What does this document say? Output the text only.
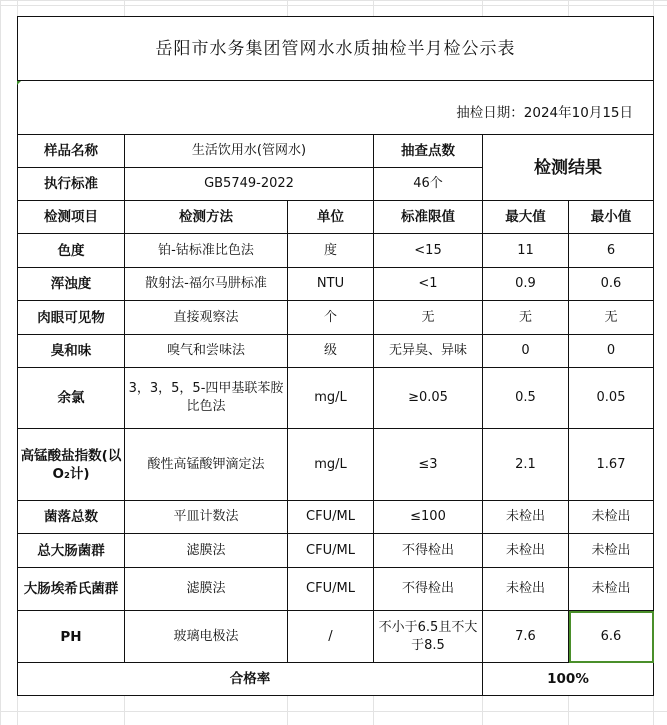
岳阳市水务集团管网水水质抽检半月检公示表					
抽检日期：2024年10月15日					
样品名称	生活饮用水(管网水)		抽查点数	检测结果	
执行标准	GB5749-2022		46个		
检测项目	检测方法	单位	标准限值	最大值	最小值
色度	铂-钴标准比色法	度	<15	11	6
浑浊度	散射法-福尔马肼标准	NTU	<1	0.9	0.6
肉眼可见物	直接观察法	个	无	无	无
臭和味	嗅气和尝味法	级	无异臭、异味	0	0
余氯	3，3，5，5-四甲基联苯胺比色法	mg/L	≥0.05	0.5	0.05
高锰酸盐指数(以O₂计)	酸性高锰酸钾滴定法	mg/L	≤3	2.1	1.67
菌落总数	平皿计数法	CFU/ML	≤100	未检出	未检出
总大肠菌群	滤膜法	CFU/ML	不得检出	未检出	未检出
大肠埃希氏菌群	滤膜法	CFU/ML	不得检出	未检出	未检出
PH	玻璃电极法	/	不小于6.5且不大于8.5	7.6	6.6
合格率				100%	
